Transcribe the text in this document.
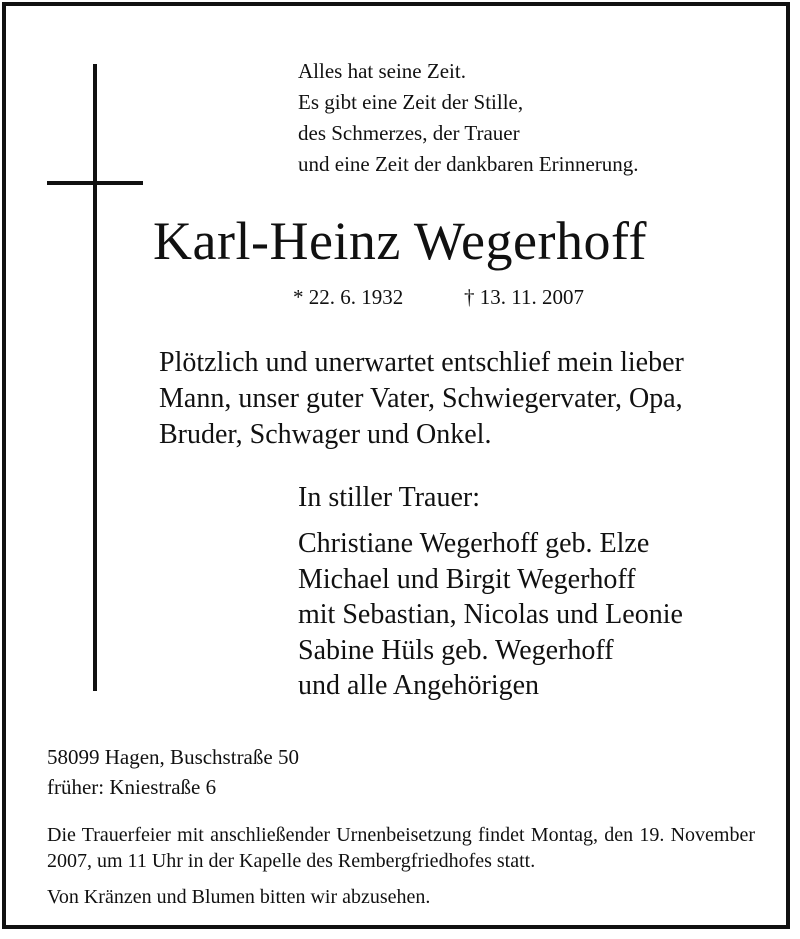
Alles hat seine Zeit.
Es gibt eine Zeit der Stille,
des Schmerzes, der Trauer
und eine Zeit der dankbaren Erinnerung.
Karl-Heinz Wegerhoff
* 22. 6. 1932	† 13. 11. 2007
Plötzlich und unerwartet entschlief mein lieber
Mann, unser guter Vater, Schwiegervater, Opa,
Bruder, Schwager und Onkel.
In stiller Trauer:
Christiane Wegerhoff geb. Elze
Michael und Birgit Wegerhoff
mit Sebastian, Nicolas und Leonie
Sabine Hüls geb. Wegerhoff
und alle Angehörigen
58099 Hagen, Buschstraße 50
früher: Kniestraße 6
Die Trauerfeier mit anschließender Urnenbeisetzung findet Montag, den 19. November 2007, um 11 Uhr in der Kapelle des Rembergfriedhofes statt.
Von Kränzen und Blumen bitten wir abzusehen.
